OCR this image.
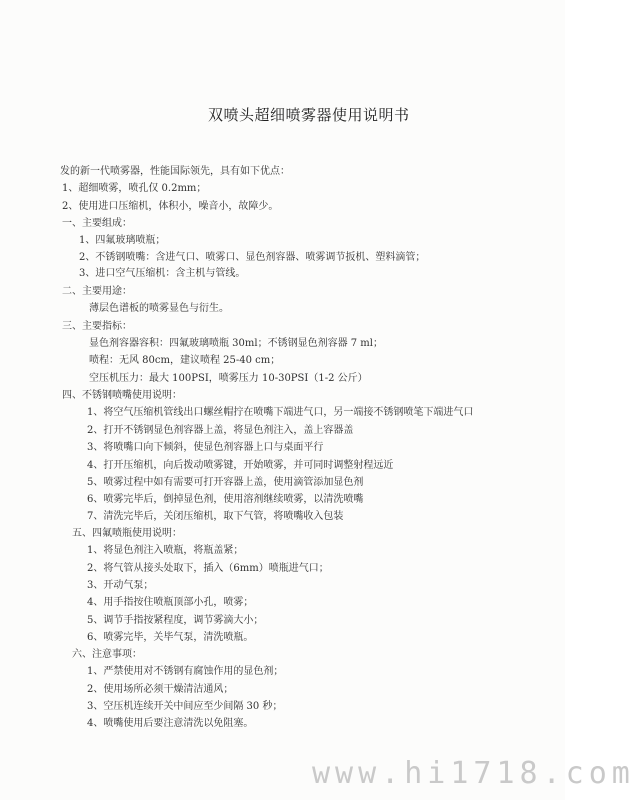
双喷头超细喷雾器使用说明书
发的新一代喷雾器，性能国际领先，具有如下优点：
1、超细喷雾，喷孔仅 0.2mm；
2、使用进口压缩机，体积小，噪音小，故障少。
一、主要组成：
1、四氟玻璃喷瓶；
2、不锈钢喷嘴：含进气口、喷雾口、显色剂容器、喷雾调节扳机、塑料滴管；
3、进口空气压缩机：含主机与管线。
二、主要用途：
薄层色谱板的喷雾显色与衍生。
三、主要指标：
显色剂容器容积：四氟玻璃喷瓶 30ml；不锈钢显色剂容器 7 ml；
喷程：无风 80cm，建议喷程 25-40 cm；
空压机压力：最大 100PSI，喷雾压力 10-30PSI（1-2 公斤）
四、不锈钢喷嘴使用说明：
1、将空气压缩机管线出口螺丝帽拧在喷嘴下端进气口，另一端接不锈钢喷笔下端进气口
2、打开不锈钢显色剂容器上盖，将显色剂注入，盖上容器盖
3、将喷嘴口向下倾斜，使显色剂容器上口与桌面平行
4、打开压缩机，向后拨动喷雾键，开始喷雾，并可同时调整射程远近
5、喷雾过程中如有需要可打开容器上盖，使用滴管添加显色剂
6、喷雾完毕后，倒掉显色剂，使用溶剂继续喷雾，以清洗喷嘴
7、清洗完毕后，关闭压缩机，取下气管，将喷嘴收入包装
五、四氟喷瓶使用说明：
1、将显色剂注入喷瓶，将瓶盖紧；
2、将气管从接头处取下，插入（6mm）喷瓶进气口；
3、开动气泵；
4、用手指按住喷瓶顶部小孔，喷雾；
5、调节手指按紧程度，调节雾滴大小；
6、喷雾完毕，关毕气泵，清洗喷瓶。
六、注意事项：
1、严禁使用对不锈钢有腐蚀作用的显色剂；
2、使用场所必须干燥清洁通风；
3、空压机连续开关中间应至少间隔 30 秒；
4、喷嘴使用后要注意清洗以免阻塞。
www.hi1718.com
